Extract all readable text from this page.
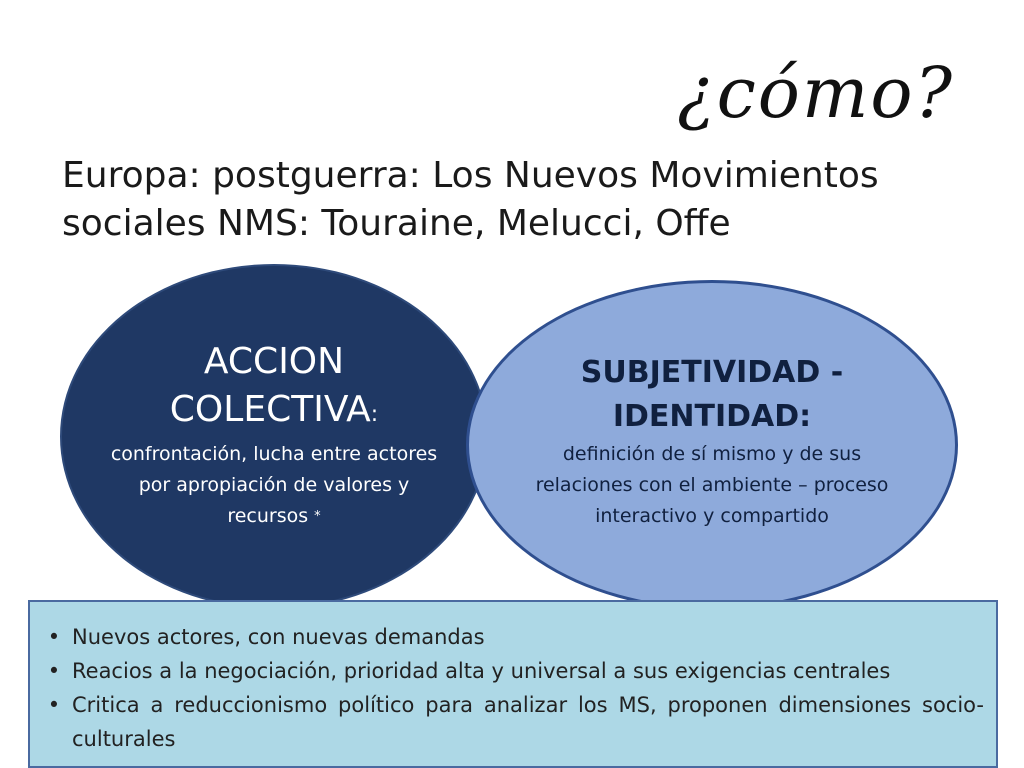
¿cómo?
Europa: postguerra: Los Nuevos Movimientos sociales NMS: Touraine, Melucci, Offe
ACCION
COLECTIVA:
confrontación, lucha entre actores por apropiación de valores y recursos *
SUBJETIVIDAD - IDENTIDAD:
definición de sí mismo y de sus relaciones con el ambiente – proceso interactivo y compartido
• Nuevos actores, con nuevas demandas
• Reacios a la negociación, prioridad alta y universal a sus exigencias centrales
• Critica a reduccionismo político para analizar los MS, proponen dimensiones socio-culturales
